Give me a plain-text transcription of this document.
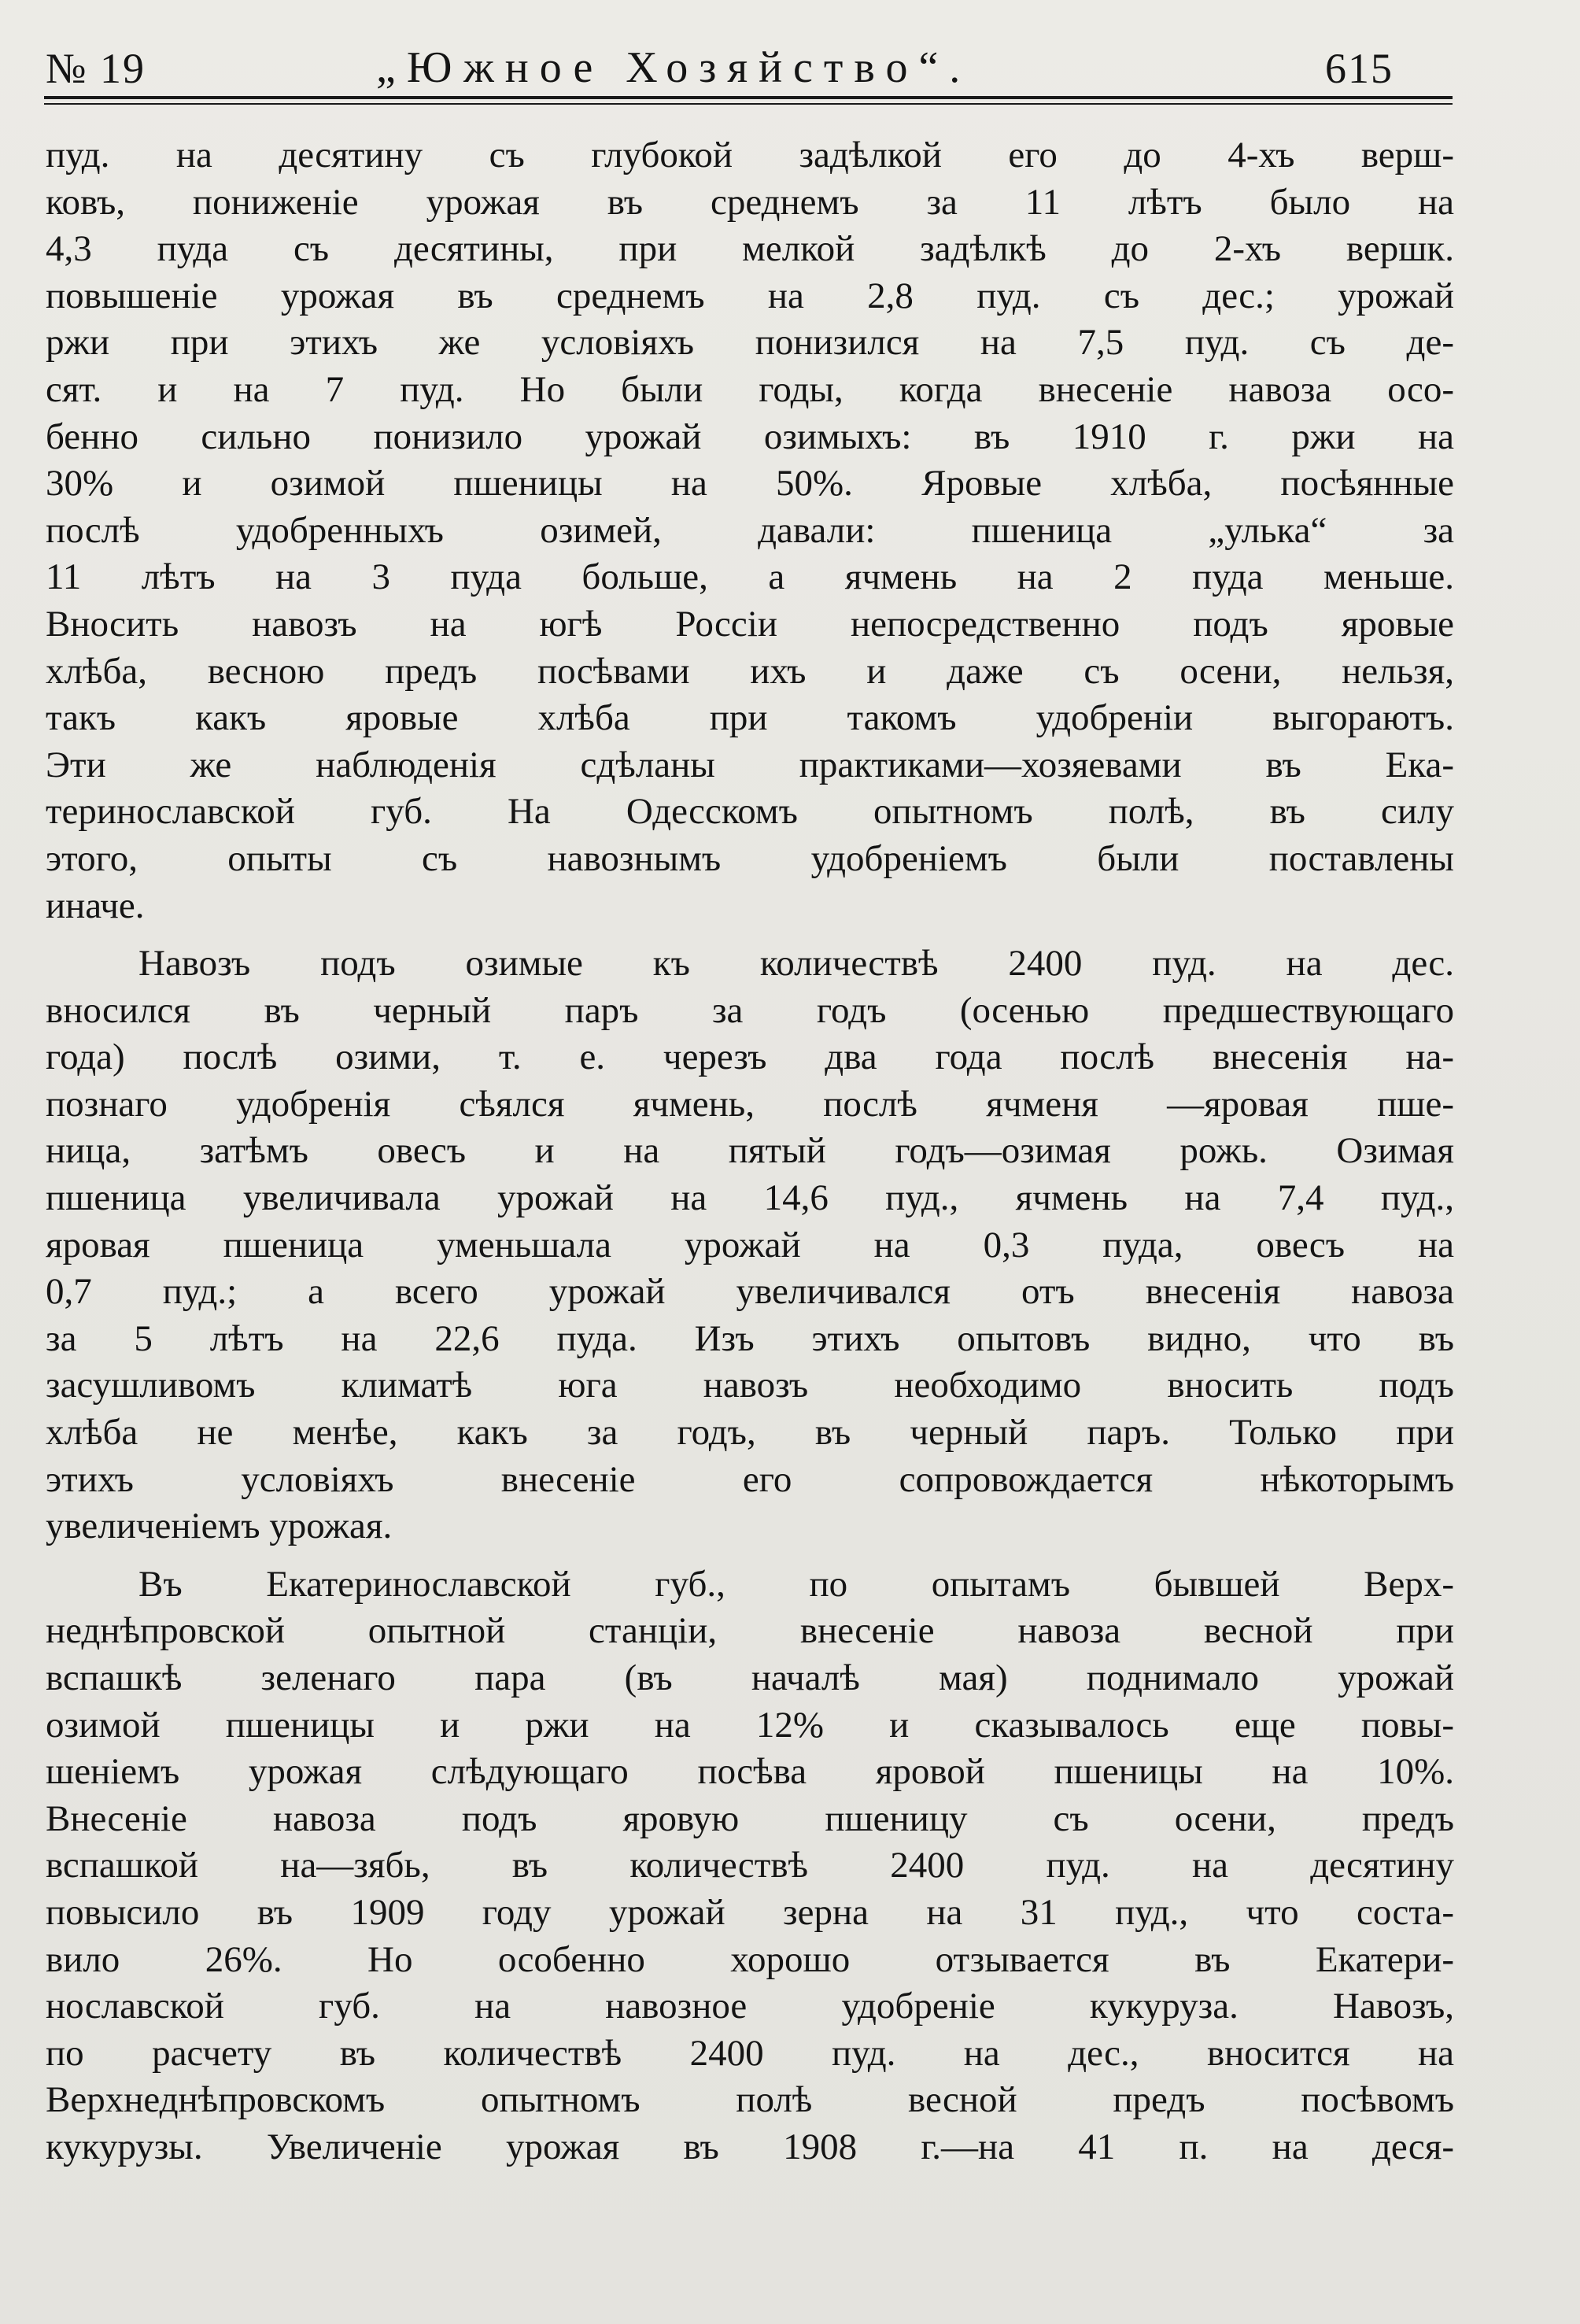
№ 19	„Южное Хозяйство“.	615
пуд. на десятину съ глубокой задѣлкой его до 4-хъ верш-
ковъ, пониженіе урожая въ среднемъ за 11 лѣтъ было на
4,3 пуда съ десятины, при мелкой задѣлкѣ до 2-хъ вершк.
повышеніе урожая въ среднемъ на 2,8 пуд. съ дес.; урожай
ржи при этихъ же условіяхъ понизился на 7,5 пуд. съ де-
сят. и на 7 пуд. Но были годы, когда внесеніе навоза осо-
бенно сильно понизило урожай озимыхъ: въ 1910 г. ржи на
30% и озимой пшеницы на 50%. Яровые хлѣба, посѣянные
послѣ удобренныхъ озимей, давали: пшеница „улька“ за
11 лѣтъ на 3 пуда больше, а ячмень на 2 пуда меньше.
Вносить навозъ на югѣ Россіи непосредственно подъ яровые
хлѣба, весною предъ посѣвами ихъ и даже съ осени, нельзя,
такъ какъ яровые хлѣба при такомъ удобреніи выгораютъ.
Эти же наблюденія сдѣланы практиками—хозяевами въ Ека-
теринославской губ. На Одесскомъ опытномъ полѣ, въ силу
этого, опыты съ навознымъ удобреніемъ были поставлены
иначе.
Навозъ подъ озимые къ количествѣ 2400 пуд. на дес.
вносился въ черный паръ за годъ (осенью предшествующаго
года) послѣ озими, т. е. черезъ два года послѣ внесенія на-
познаго удобренія сѣялся ячмень, послѣ ячменя —яровая пше-
ница, затѣмъ овесъ и на пятый годъ—озимая рожь. Озимая
пшеница увеличивала урожай на 14,6 пуд., ячмень на 7,4 пуд.,
яровая пшеница уменьшала урожай на 0,3 пуда, овесъ на
0,7 пуд.; а всего урожай увеличивался отъ внесенія навоза
за 5 лѣтъ на 22,6 пуда. Изъ этихъ опытовъ видно, что въ
засушливомъ климатѣ юга навозъ необходимо вносить подъ
хлѣба не менѣе, какъ за годъ, въ черный паръ. Только при
этихъ условіяхъ внесеніе его сопровождается нѣкоторымъ
увеличеніемъ урожая.
Въ Екатеринославской губ., по опытамъ бывшей Верх-
неднѣпровской опытной станціи, внесеніе навоза весной при
вспашкѣ зеленаго пара (въ началѣ мая) поднимало урожай
озимой пшеницы и ржи на 12% и сказывалось еще повы-
шеніемъ урожая слѣдующаго посѣва яровой пшеницы на 10%.
Внесеніе навоза подъ яровую пшеницу съ осени, предъ
вспашкой на—зябь, въ количествѣ 2400 пуд. на десятину
повысило въ 1909 году урожай зерна на 31 пуд., что соста-
вило 26%. Но особенно хорошо отзывается въ Екатери-
нославской губ. на навозное удобреніе кукуруза. Навозъ,
по расчету въ количествѣ 2400 пуд. на дес., вносится на
Верхнеднѣпровскомъ опытномъ полѣ весной предъ посѣвомъ
кукурузы. Увеличеніе урожая въ 1908 г.—на 41 п. на деся-
